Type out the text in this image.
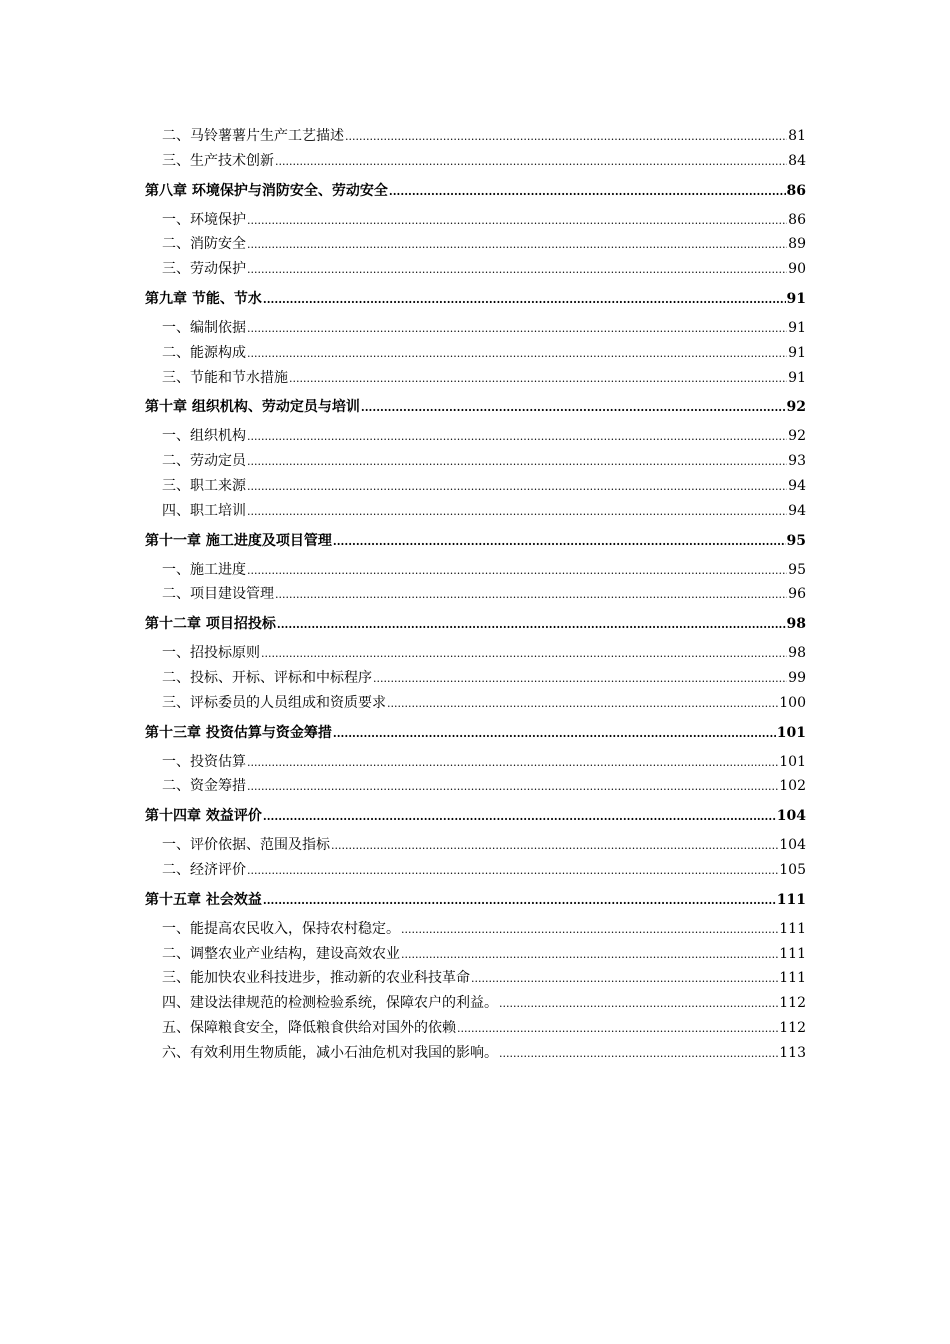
二、马铃薯薯片生产工艺描述 .....	81
三、生产技术创新 .....	84
第八章 环境保护与消防安全、劳动安全 .....	86
一、环境保护 .....	86
二、消防安全 .....	89
三、劳动保护 .....	90
第九章 节能、节水 .....	91
一、编制依据 .....	91
二、能源构成 .....	91
三、节能和节水措施 .....	91
第十章 组织机构、劳动定员与培训 .....	92
一、组织机构 .....	92
二、劳动定员 .....	93
三、职工来源 .....	94
四、职工培训 .....	94
第十一章 施工进度及项目管理 .....	95
一、施工进度 .....	95
二、项目建设管理 .....	96
第十二章 项目招投标 .....	98
一、招投标原则 .....	98
二、投标、开标、评标和中标程序 .....	99
三、评标委员的人员组成和资质要求 .....	100
第十三章 投资估算与资金筹措 .....	101
一、投资估算 .....	101
二、资金筹措 .....	102
第十四章 效益评价 .....	104
一、评价依据、范围及指标 .....	104
二、经济评价 .....	105
第十五章 社会效益 .....	111
一、能提高农民收入，保持农村稳定。 .....	111
二、调整农业产业结构，建设高效农业 .....	111
三、能加快农业科技进步，推动新的农业科技革命 .....	111
四、建设法律规范的检测检验系统，保障农户的利益。 .....	112
五、保障粮食安全，降低粮食供给对国外的依赖 .....	112
六、有效利用生物质能，减小石油危机对我国的影响。 .....	113
